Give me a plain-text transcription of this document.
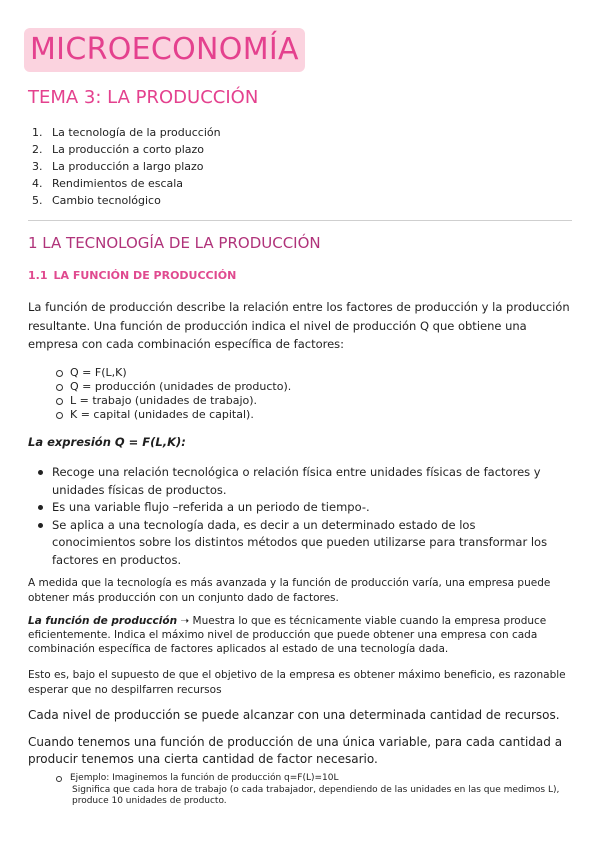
MICROECONOMÍA
TEMA 3: LA PRODUCCIÓN
1. La tecnología de la producción
2. La producción a corto plazo
3. La producción a largo plazo
4. Rendimientos de escala
5. Cambio tecnológico
1 LA TECNOLOGÍA DE LA PRODUCCIÓN
1.1 LA FUNCIÓN DE PRODUCCIÓN

La función de producción describe la relación entre los factores de producción y la producción resultante. Una función de producción indica el nivel de producción Q que obtiene una empresa con cada combinación específica de factores:

Q = F(L,K)
Q = producción (unidades de producto).
L = trabajo (unidades de trabajo).
K = capital (unidades de capital).

La expresión Q = F(L,K):

Recoge una relación tecnológica o relación física entre unidades físicas de factores y unidades físicas de productos.
Es una variable flujo –referida a un periodo de tiempo-.
Se aplica a una tecnología dada, es decir a un determinado estado de los conocimientos sobre los distintos métodos que pueden utilizarse para transformar los factores en productos.

A medida que la tecnología es más avanzada y la función de producción varía, una empresa puede obtener más producción con un conjunto dado de factores.

La función de producción ➝ Muestra lo que es técnicamente viable cuando la empresa produce eficientemente. Indica el máximo nivel de producción que puede obtener una empresa con cada combinación específica de factores aplicados al estado de una tecnología dada.

Esto es, bajo el supuesto de que el objetivo de la empresa es obtener máximo beneficio, es razonable esperar que no despilfarren recursos

Cada nivel de producción se puede alcanzar con una determinada cantidad de recursos.

Cuando tenemos una función de producción de una única variable, para cada cantidad a producir tenemos una cierta cantidad de factor necesario.

Ejemplo: Imaginemos la función de producción q=F(L)=10L
Significa que cada hora de trabajo (o cada trabajador, dependiendo de las unidades en las que medimos L), produce 10 unidades de producto.
